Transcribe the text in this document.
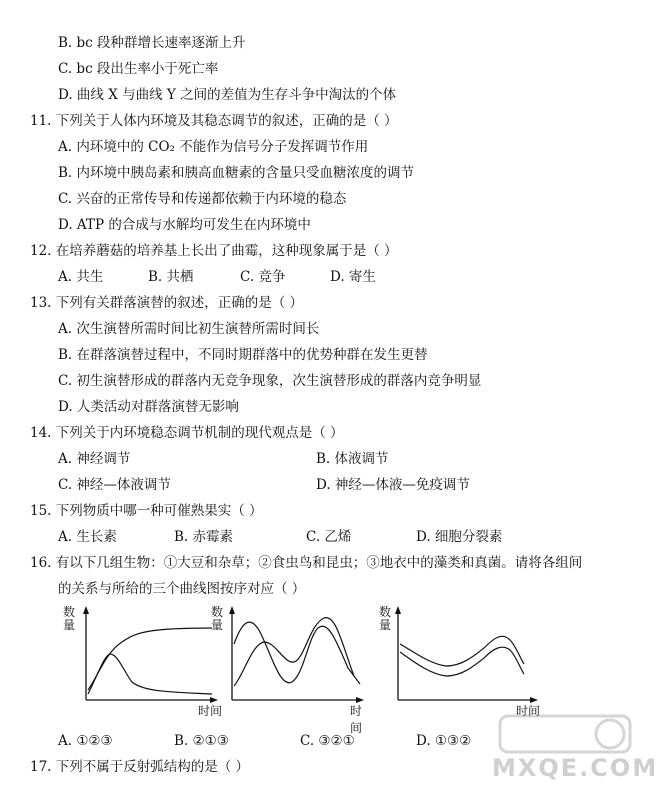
B. bc 段种群增长速率逐渐上升
C. bc 段出生率小于死亡率
D. 曲线 X 与曲线 Y 之间的差值为生存斗争中淘汰的个体
11. 下列关于人体内环境及其稳态调节的叙述，正确的是（ ）
A. 内环境中的 CO₂ 不能作为信号分子发挥调节作用
B. 内环境中胰岛素和胰高血糖素的含量只受血糖浓度的调节
C. 兴奋的正常传导和传递都依赖于内环境的稳态
D. ATP 的合成与水解均可发生在内环境中
12. 在培养蘑菇的培养基上长出了曲霉，这种现象属于是（ ）
A. 共生	B. 共栖	C. 竞争	D. 寄生
13. 下列有关群落演替的叙述，正确的是（ ）
A. 次生演替所需时间比初生演替所需时间长
B. 在群落演替过程中，不同时期群落中的优势种群在发生更替
C. 初生演替形成的群落内无竞争现象，次生演替形成的群落内竞争明显
D. 人类活动对群落演替无影响
14. 下列关于内环境稳态调节机制的现代观点是（ ）
A. 神经调节	B. 体液调节
C. 神经—体液调节	D. 神经—体液—免疫调节
15. 下列物质中哪一种可催熟果实（ ）
A. 生长素	B. 赤霉素	C. 乙烯	D. 细胞分裂素
16. 有以下几组生物：①大豆和杂草；②食虫鸟和昆虫；③地衣中的藻类和真菌。请将各组间
的关系与所给的三个曲线图按序对应（ ）
数量
时间
数量
时间
数量
时间
A. ①②③	B. ②①③	C. ③②①	D. ①③②
17. 下列不属于反射弧结构的是（ ）	MXQE.COM
